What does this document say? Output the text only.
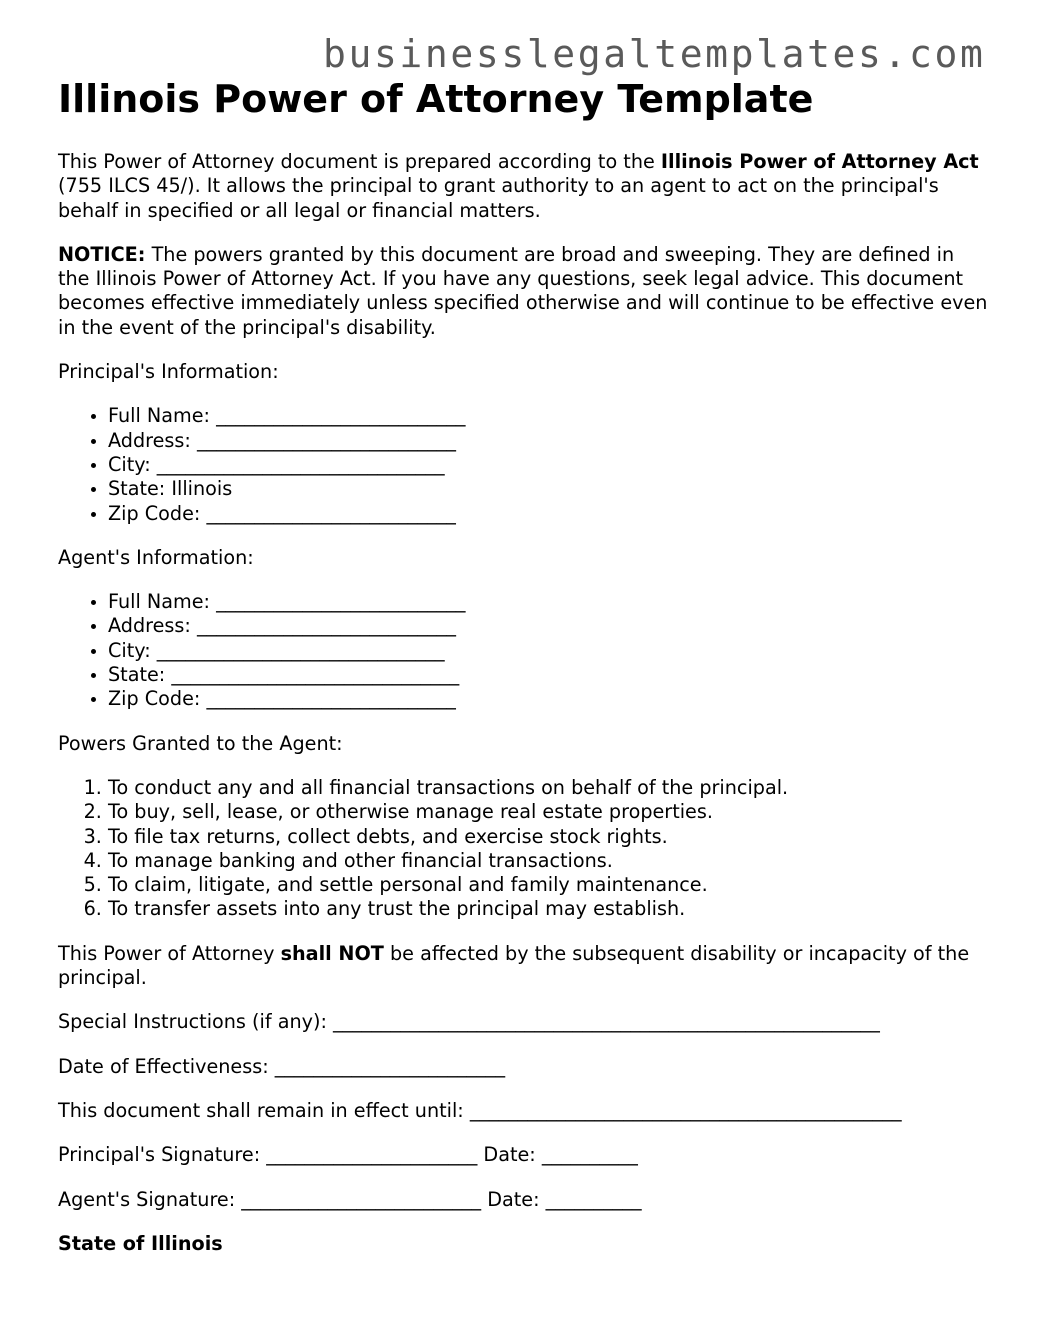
businesslegaltemplates.com
Illinois Power of Attorney Template

This Power of Attorney document is prepared according to the Illinois Power of Attorney Act (755 ILCS 45/). It allows the principal to grant authority to an agent to act on the principal's behalf in specified or all legal or financial matters.

NOTICE: The powers granted by this document are broad and sweeping. They are defined in the Illinois Power of Attorney Act. If you have any questions, seek legal advice. This document becomes effective immediately unless specified otherwise and will continue to be effective even in the event of the principal's disability.

Principal's Information:

• Full Name: __________________________
• Address: ___________________________
• City: ______________________________
• State: Illinois
• Zip Code: __________________________

Agent's Information:

• Full Name: __________________________
• Address: ___________________________
• City: ______________________________
• State: ______________________________
• Zip Code: __________________________

Powers Granted to the Agent:

1. To conduct any and all financial transactions on behalf of the principal.
2. To buy, sell, lease, or otherwise manage real estate properties.
3. To file tax returns, collect debts, and exercise stock rights.
4. To manage banking and other financial transactions.
5. To claim, litigate, and settle personal and family maintenance.
6. To transfer assets into any trust the principal may establish.

This Power of Attorney shall NOT be affected by the subsequent disability or incapacity of the principal.

Special Instructions (if any): _________________________________________________________

Date of Effectiveness: ________________________

This document shall remain in effect until: _____________________________________________

Principal's Signature: ______________________ Date: __________

Agent's Signature: _________________________ Date: __________

State of Illinois
